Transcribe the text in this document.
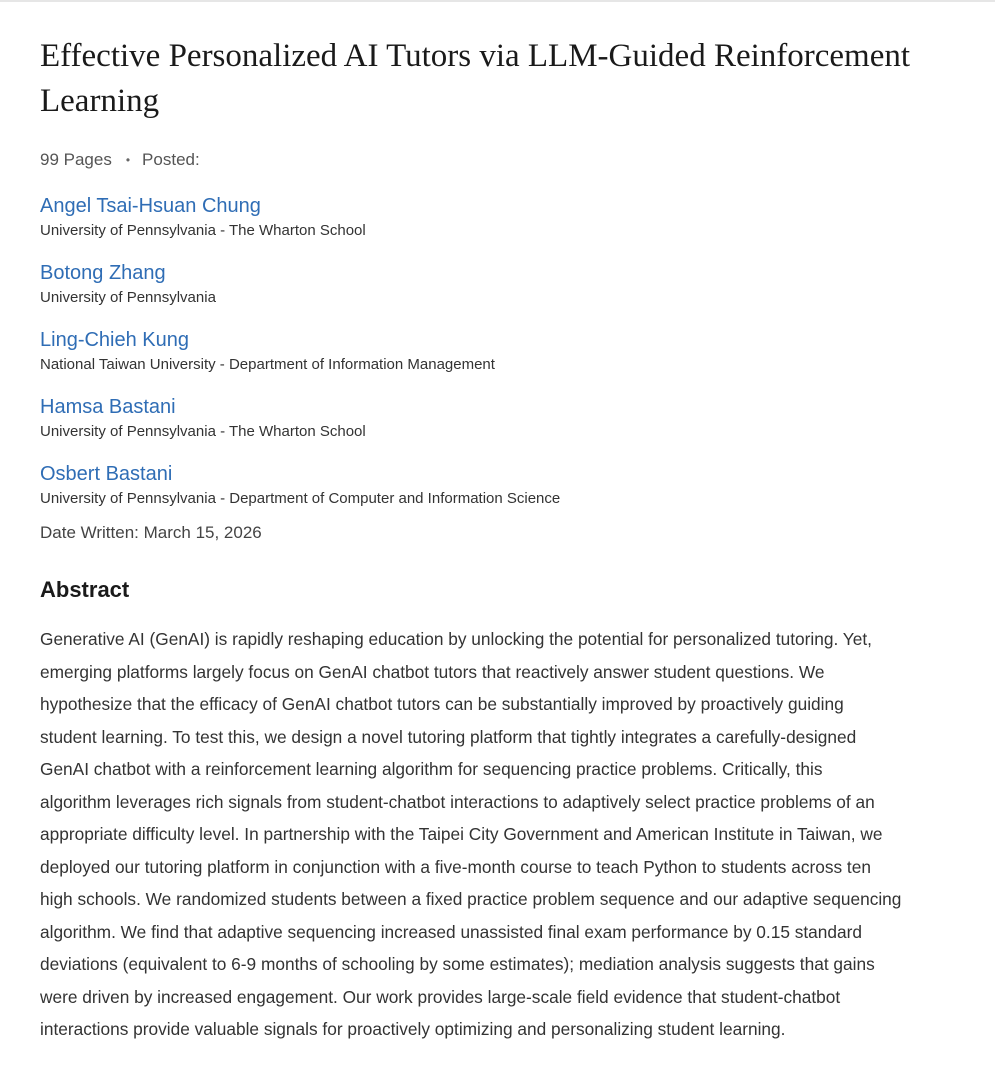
Effective Personalized AI Tutors via LLM-Guided Reinforcement Learning
99 Pages • Posted:
Angel Tsai-Hsuan Chung
University of Pennsylvania - The Wharton School
Botong Zhang
University of Pennsylvania
Ling-Chieh Kung
National Taiwan University - Department of Information Management
Hamsa Bastani
University of Pennsylvania - The Wharton School
Osbert Bastani
University of Pennsylvania - Department of Computer and Information Science
Date Written: March 15, 2026
Abstract
Generative AI (GenAI) is rapidly reshaping education by unlocking the potential for personalized tutoring. Yet,
emerging platforms largely focus on GenAI chatbot tutors that reactively answer student questions. We
hypothesize that the efficacy of GenAI chatbot tutors can be substantially improved by proactively guiding
student learning. To test this, we design a novel tutoring platform that tightly integrates a carefully-designed
GenAI chatbot with a reinforcement learning algorithm for sequencing practice problems. Critically, this
algorithm leverages rich signals from student-chatbot interactions to adaptively select practice problems of an
appropriate difficulty level. In partnership with the Taipei City Government and American Institute in Taiwan, we
deployed our tutoring platform in conjunction with a five-month course to teach Python to students across ten
high schools. We randomized students between a fixed practice problem sequence and our adaptive sequencing
algorithm. We find that adaptive sequencing increased unassisted final exam performance by 0.15 standard
deviations (equivalent to 6-9 months of schooling by some estimates); mediation analysis suggests that gains
were driven by increased engagement. Our work provides large-scale field evidence that student-chatbot
interactions provide valuable signals for proactively optimizing and personalizing student learning.
